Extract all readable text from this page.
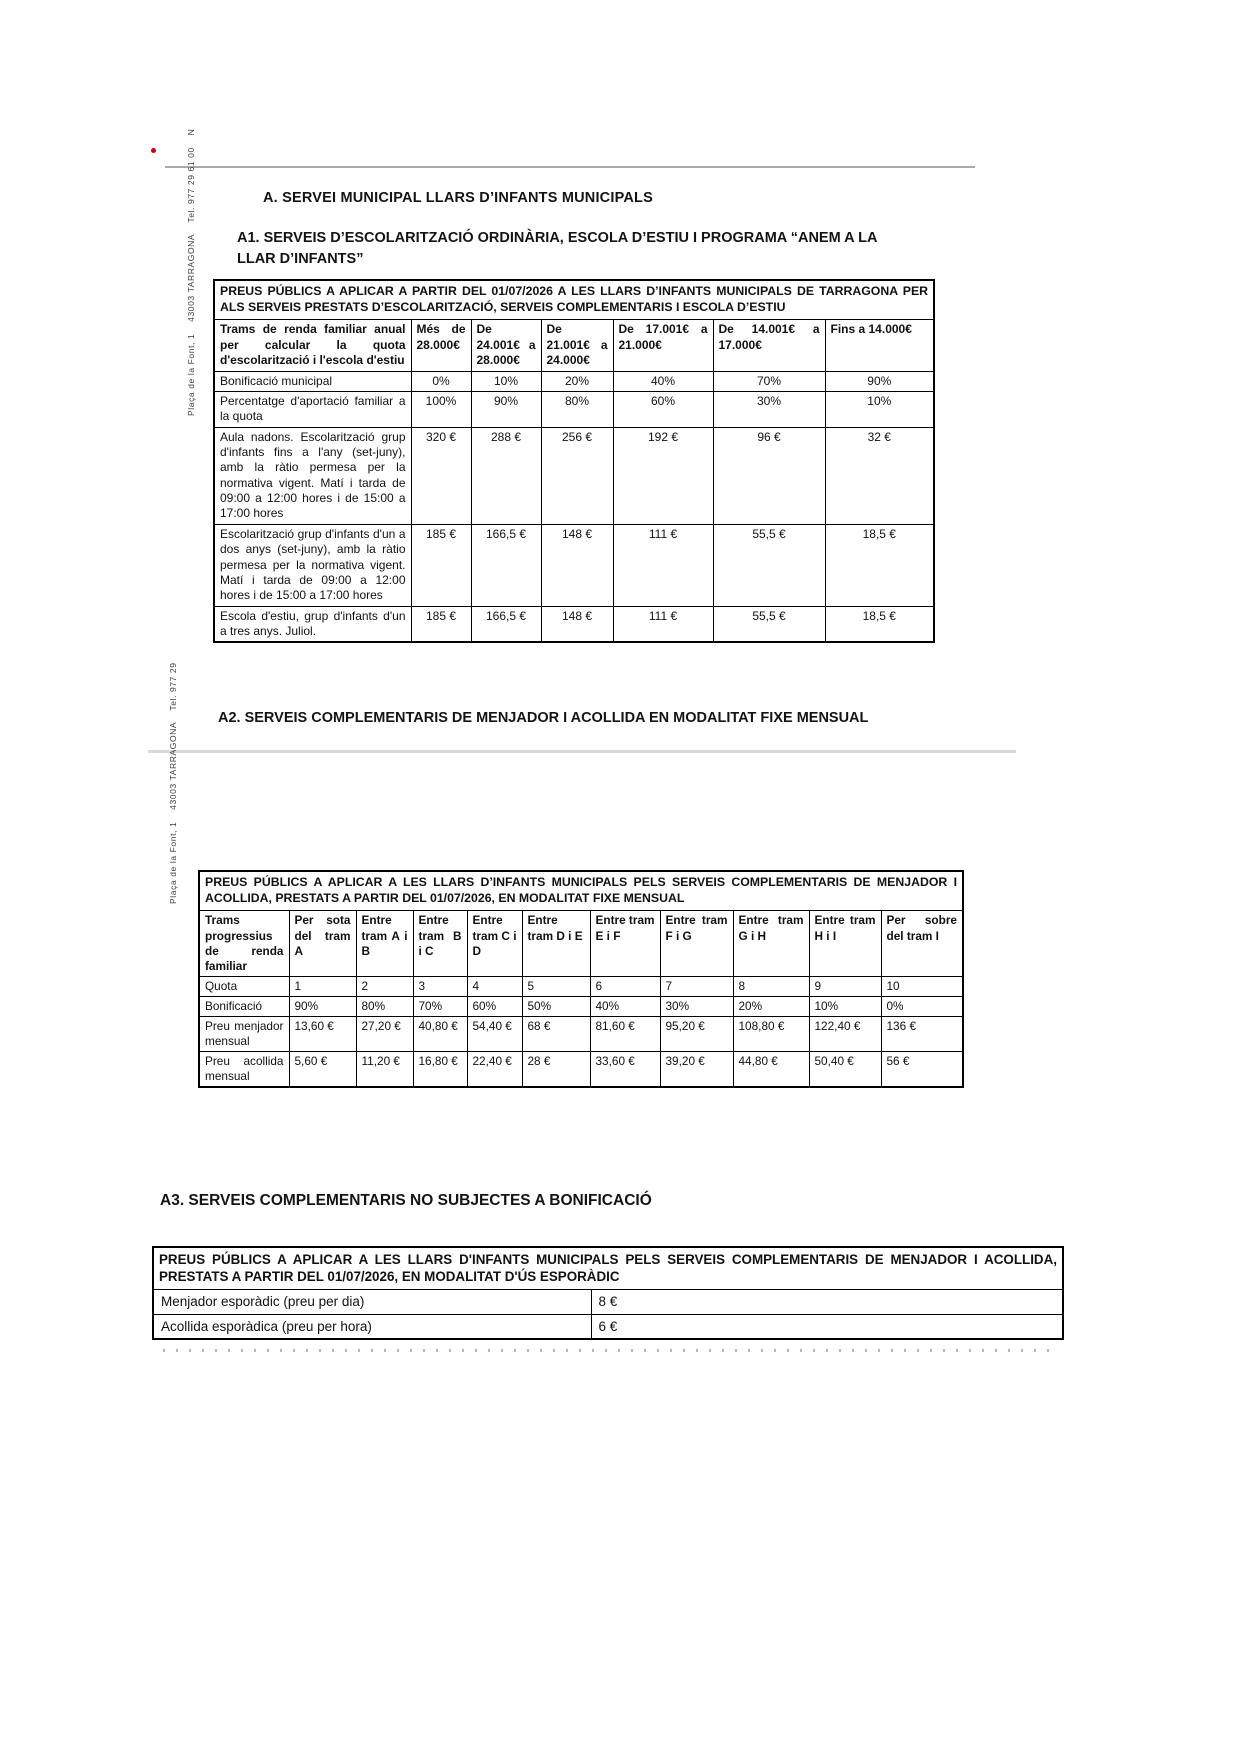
Plaça de la Font, 1    43003 TARRAGONA    Tel. 977 29 61 00    N	A. SERVEI MUNICIPAL LLARS D’INFANTS MUNICIPALS
A1. SERVEIS D’ESCOLARITZACIÓ ORDINÀRIA, ESCOLA D’ESTIU I PROGRAMA “ANEM A LA LLAR D’INFANTS”
PREUS PÚBLICS A APLICAR A PARTIR DEL 01/07/2026 A LES LLARS D’INFANTS MUNICIPALS DE TARRAGONA PER ALS SERVEIS PRESTATS D’ESCOLARITZACIÓ, SERVEIS COMPLEMENTARIS I ESCOLA D’ESTIU						
Trams de renda familiar anual per calcular la quota d'escolarització i l'escola d'estiu	Més de 28.000€	De 24.001€ a 28.000€	De 21.001€ a 24.000€	De 17.001€ a 21.000€	De 14.001€ a 17.000€	Fins a 14.000€
Bonificació municipal	0%	10%	20%	40%	70%	90%
Percentatge d'aportació familiar a la quota	100%	90%	80%	60%	30%	10%
Aula nadons. Escolarització grup d'infants fins a l'any (set-juny), amb la ràtio permesa per la normativa vigent. Matí i tarda de 09:00 a 12:00 hores i de 15:00 a 17:00 hores	320 €	288 €	256 €	192 €	96 €	32 €
Escolarització grup d'infants d'un a dos anys (set-juny), amb la ràtio permesa per la normativa vigent. Matí i tarda de 09:00 a 12:00 hores i de 15:00 a 17:00 hores	185 €	166,5 €	148 €	111 €	55,5 €	18,5 €
Escola d'estiu, grup d'infants d'un a tres anys. Juliol.	185 €	166,5 €	148 €	111 €	55,5 €	18,5 €
Plaça de la Font, 1    43003 TARRAGONA    Tel. 977 29	A2. SERVEIS COMPLEMENTARIS DE MENJADOR I ACOLLIDA EN MODALITAT FIXE MENSUAL
PREUS PÚBLICS A APLICAR A LES LLARS D’INFANTS MUNICIPALS PELS SERVEIS COMPLEMENTARIS DE MENJADOR I ACOLLIDA, PRESTATS A PARTIR DEL 01/07/2026, EN MODALITAT FIXE MENSUAL										
Trams progressius de renda familiar	Per sota del tram A	Entre tram A i B	Entre tram B i C	Entre tram C i D	Entre tram D i E	Entre tram E i F	Entre tram F i G	Entre tram G i H	Entre tram H i I	Per sobre del tram I
Quota	1	2	3	4	5	6	7	8	9	10
Bonificació	90%	80%	70%	60%	50%	40%	30%	20%	10%	0%
Preu menjador mensual	13,60 €	27,20 €	40,80 €	54,40 €	68 €	81,60 €	95,20 €	108,80 €	122,40 €	136 €
Preu acollida mensual	5,60 €	11,20 €	16,80 €	22,40 €	28 €	33,60 €	39,20 €	44,80 €	50,40 €	56 €
A3. SERVEIS COMPLEMENTARIS NO SUBJECTES A BONIFICACIÓ
PREUS PÚBLICS A APLICAR A LES LLARS D'INFANTS MUNICIPALS PELS SERVEIS COMPLEMENTARIS DE MENJADOR I ACOLLIDA, PRESTATS A PARTIR DEL 01/07/2026, EN MODALITAT D'ÚS ESPORÀDIC	
Menjador esporàdic (preu per dia)	8 €
Acollida esporàdica (preu per hora)	6 €
